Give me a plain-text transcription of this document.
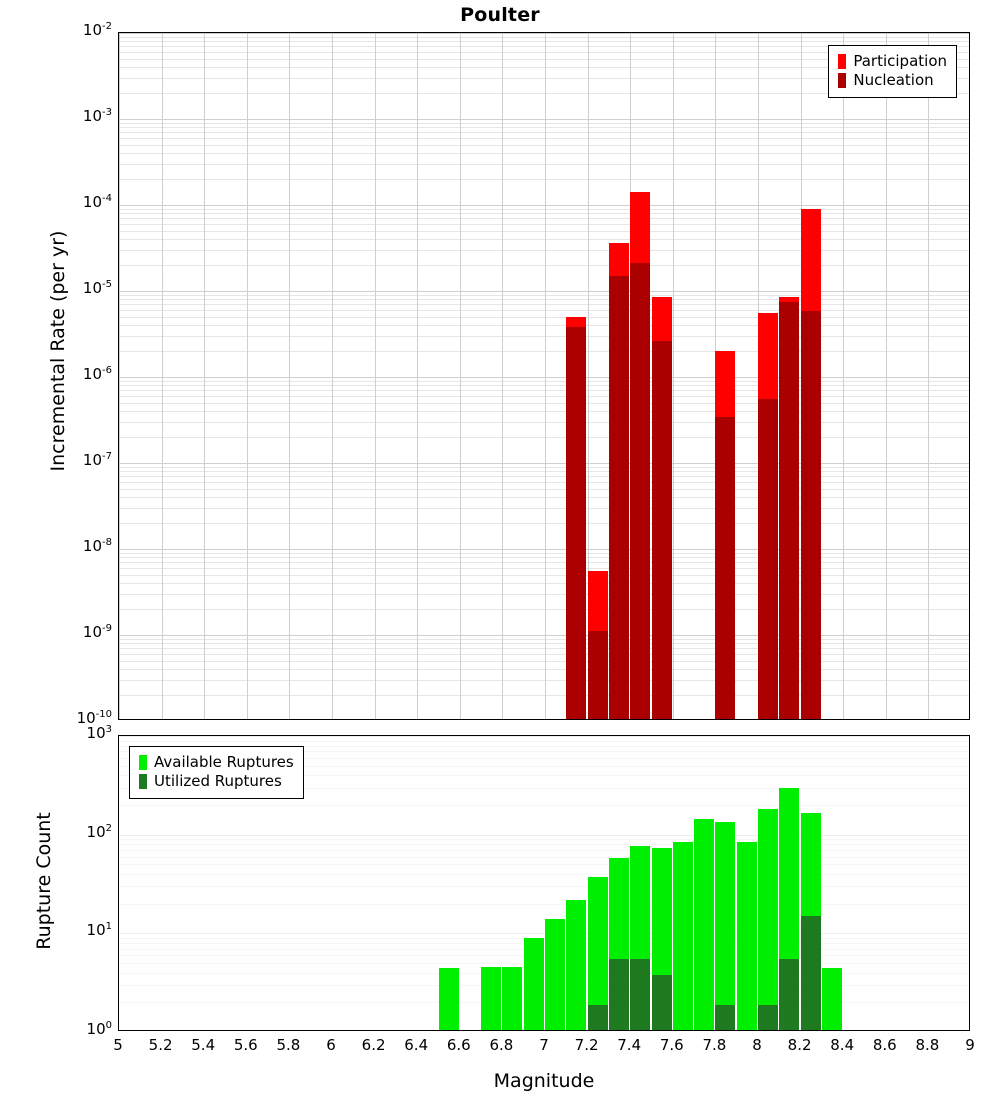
Poulter
Participation
Nucleation
$10^{-2}$
$10^{-3}$
$10^{-4}$
$10^{-5}$
$10^{-6}$
$10^{-7}$
$10^{-8}$
$10^{-9}$
$10^{-10}$
Incremental Rate (per yr)
Available Ruptures
Utilized Ruptures
$10^3$
$10^2$
$10^1$
$10^0$
Rupture Count
5 5.2 5.4 5.6 5.8 6 6.2 6.4 6.6 6.8 7 7.2 7.4 7.6 7.8 8 8.2 8.4 8.6 8.8 9
Magnitude
